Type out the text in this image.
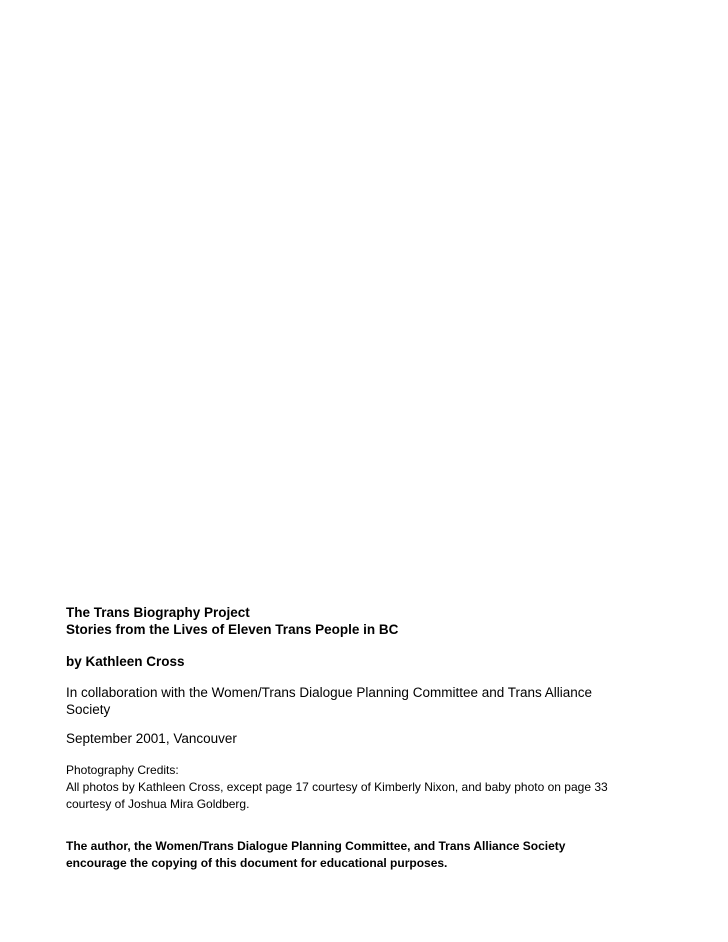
The Trans Biography Project
Stories from the Lives of Eleven Trans People in BC
by Kathleen Cross
In collaboration with the Women/Trans Dialogue Planning Committee and Trans Alliance Society
September 2001, Vancouver
Photography Credits:
All photos by Kathleen Cross, except page 17 courtesy of Kimberly Nixon, and baby photo on page 33
courtesy of Joshua Mira Goldberg.
The author, the Women/Trans Dialogue Planning Committee, and Trans Alliance Society
encourage the copying of this document for educational purposes.
